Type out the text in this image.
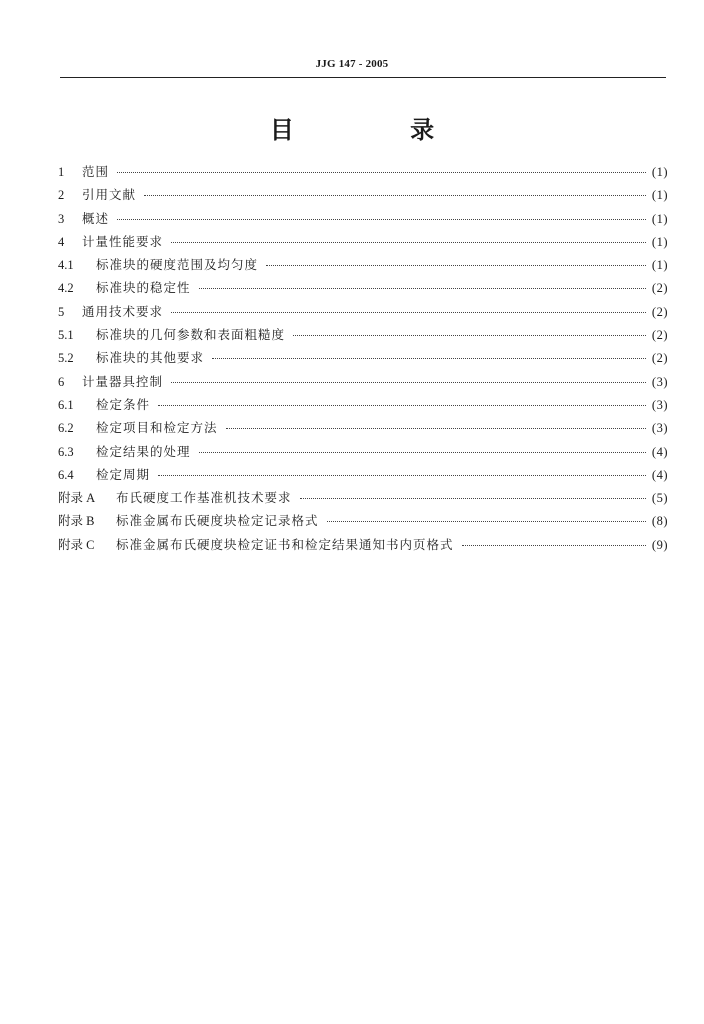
JJG 147 - 2005
目 录
1	范围	(1)
2	引用文献	(1)
3	概述	(1)
4	计量性能要求	(1)
4.1	标准块的硬度范围及均匀度	(1)
4.2	标准块的稳定性	(2)
5	通用技术要求	(2)
5.1	标准块的几何参数和表面粗糙度	(2)
5.2	标准块的其他要求	(2)
6	计量器具控制	(3)
6.1	检定条件	(3)
6.2	检定项目和检定方法	(3)
6.3	检定结果的处理	(4)
6.4	检定周期	(4)
附录 A	布氏硬度工作基准机技术要求	(5)
附录 B	标准金属布氏硬度块检定记录格式	(8)
附录 C	标准金属布氏硬度块检定证书和检定结果通知书内页格式	(9)
